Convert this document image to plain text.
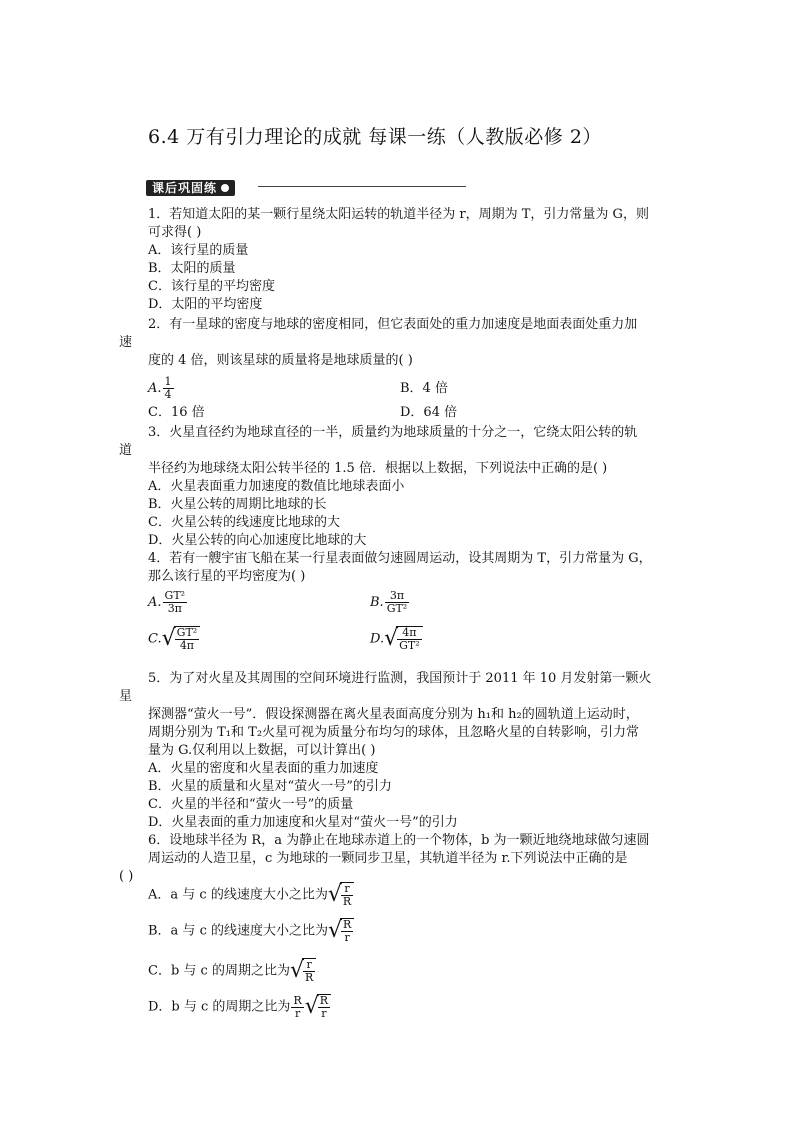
6.4 万有引力理论的成就 每课一练（人教版必修 2）
课后巩固练
1．若知道太阳的某一颗行星绕太阳运转的轨道半径为 r，周期为 T，引力常量为 G，则
可求得( )
A．该行星的质量
B．太阳的质量
C．该行星的平均密度
D．太阳的平均密度
2．有一星球的密度与地球的密度相同，但它表面处的重力加速度是地面表面处重力加
速
度的 4 倍，则该星球的质量将是地球质量的( )
A. $\frac{1}{4}$	B．4 倍
C．16 倍	D．64 倍
3．火星直径约为地球直径的一半，质量约为地球质量的十分之一，它绕太阳公转的轨
道
半径约为地球绕太阳公转半径的 1.5 倍．根据以上数据，下列说法中正确的是( )
A．火星表面重力加速度的数值比地球表面小
B．火星公转的周期比地球的长
C．火星公转的线速度比地球的大
D．火星公转的向心加速度比地球的大
4．若有一艘宇宙飞船在某一行星表面做匀速圆周运动，设其周期为 T，引力常量为 G，
那么该行星的平均密度为( )
A. $\frac{\text{GT²}}{3\pi}$	B. $\frac{3\pi}{\text{GT²}}$
$C.√ \frac{\text{GT²}}{4\pi}$	$D.√ \frac{4\pi}{\text{GT²}}$
5．为了对火星及其周围的空间环境进行监测，我国预计于 2011 年 10 月发射第一颗火
星
探测器“萤火一号”．假设探测器在离火星表面高度分别为 h₁和 h₂的圆轨道上运动时，
周期分别为 T₁和 T₂火星可视为质量分布均匀的球体，且忽略火星的自转影响，引力常
量为 G.仅利用以上数据，可以计算出( )
A．火星的密度和火星表面的重力加速度
B．火星的质量和火星对“萤火一号”的引力
C．火星的半径和“萤火一号”的质量
D．火星表面的重力加速度和火星对“萤火一号”的引力
6．设地球半径为 R，a 为静止在地球赤道上的一个物体，b 为一颗近地绕地球做匀速圆
周运动的人造卫星，c 为地球的一颗同步卫星，其轨道半径为 r.下列说法中正确的是
( )
A．a 与 c 的线速度大小之比为√ $\frac{r}{R}$
B．a 与 c 的线速度大小之比为√ $\frac{R}{r}$
C．b 与 c 的周期之比为√ $\frac{r}{R}$
D．b 与 c 的周期之比为 $\frac{R}{r}$ √ $\frac{R}{r}$
